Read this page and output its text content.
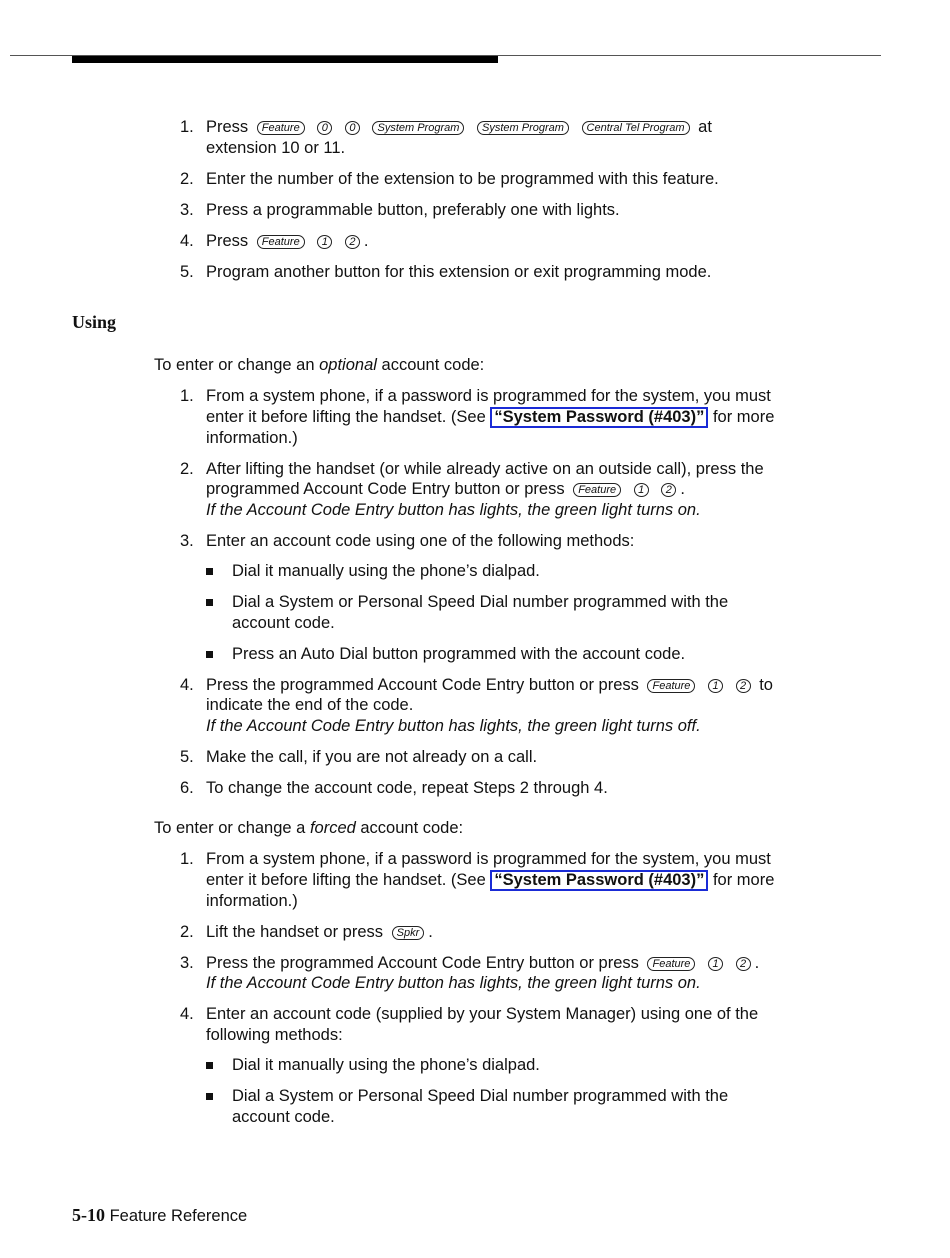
1. Press Feature 0 0 System Program System Program Central Tel Program at extension 10 or 11.
2. Enter the number of the extension to be programmed with this feature.
3. Press a programmable button, preferably one with lights.
4. Press Feature 1 2 .
5. Program another button for this extension or exit programming mode.
Using
To enter or change an optional account code:
1. From a system phone, if a password is programmed for the system, you must enter it before lifting the handset. (See “System Password (#403)” for more information.)
2. After lifting the handset (or while already active on an outside call), press the programmed Account Code Entry button or press Feature 1 2 .
If the Account Code Entry button has lights, the green light turns on.
3. Enter an account code using one of the following methods:
Dial it manually using the phone’s dialpad.
Dial a System or Personal Speed Dial number programmed with the account code.
Press an Auto Dial button programmed with the account code.
4. Press the programmed Account Code Entry button or press Feature 1 2 to indicate the end of the code.
If the Account Code Entry button has lights, the green light turns off.
5. Make the call, if you are not already on a call.
6. To change the account code, repeat Steps 2 through 4.
To enter or change a forced account code:
1. From a system phone, if a password is programmed for the system, you must enter it before lifting the handset. (See “System Password (#403)” for more information.)
2. Lift the handset or press Spkr .
3. Press the programmed Account Code Entry button or press Feature 1 2 .
If the Account Code Entry button has lights, the green light turns on.
4. Enter an account code (supplied by your System Manager) using one of the following methods:
Dial it manually using the phone’s dialpad.
Dial a System or Personal Speed Dial number programmed with the account code.
5-10 Feature Reference
